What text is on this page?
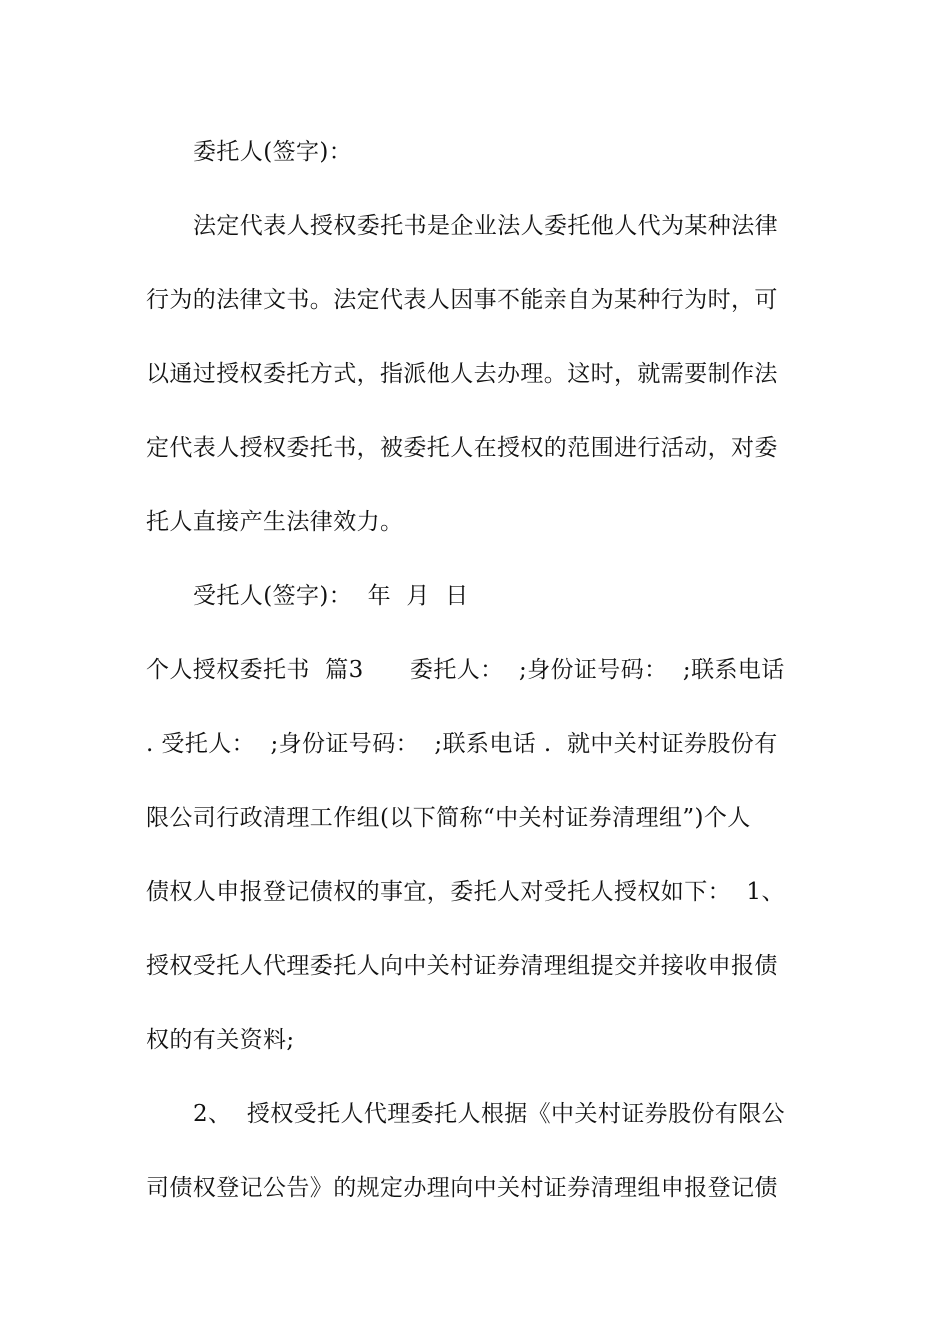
委托人(签字)：
法定代表人授权委托书是企业法人委托他人代为某种法律
行为的法律文书。法定代表人因事不能亲自为某种行为时，可
以通过授权委托方式，指派他人去办理。这时，就需要制作法
定代表人授权委托书，被委托人在授权的范围进行活动，对委
托人直接产生法律效力。
受托人(签字)：  年  月  日
个人授权委托书  篇3      委托人：  ;身份证号码：  ;联系电话
. 受托人：  ;身份证号码：  ;联系电话 .  就中关村证券股份有
限公司行政清理工作组(以下简称“中关村证券清理组”)个人
债权人申报登记债权的事宜，委托人对受托人授权如下：  1、
授权受托人代理委托人向中关村证券清理组提交并接收申报债
权的有关资料;
2、  授权受托人代理委托人根据《中关村证券股份有限公
司债权登记公告》的规定办理向中关村证券清理组申报登记债
